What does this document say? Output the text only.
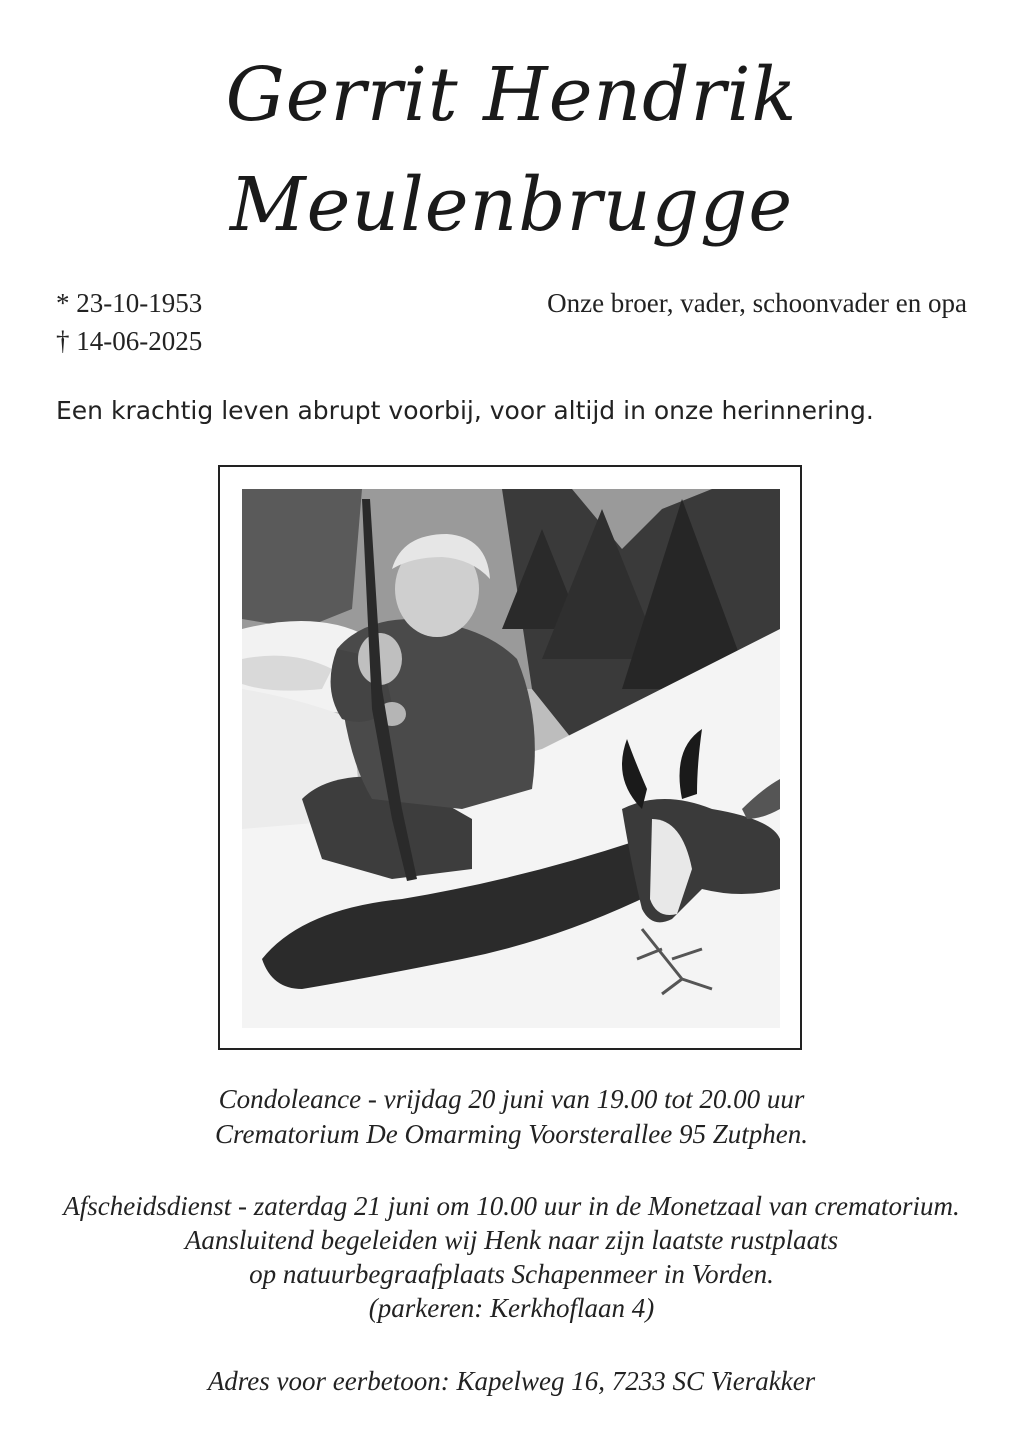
Gerrit Hendrik
Meulenbrugge
* 23-10-1953
† 14-06-2025
Onze broer, vader, schoonvader en opa
Een krachtig leven abrupt voorbij, voor altijd in onze herinnering.
Condoleance - vrijdag 20 juni van 19.00 tot 20.00 uur
Crematorium De Omarming Voorsterallee 95 Zutphen.
Afscheidsdienst - zaterdag 21 juni om 10.00 uur in de Monetzaal van crematorium.
Aansluitend begeleiden wij Henk naar zijn laatste rustplaats
op natuurbegraafplaats Schapenmeer in Vorden.
(parkeren: Kerkhoflaan 4)
Adres voor eerbetoon: Kapelweg 16, 7233 SC Vierakker
